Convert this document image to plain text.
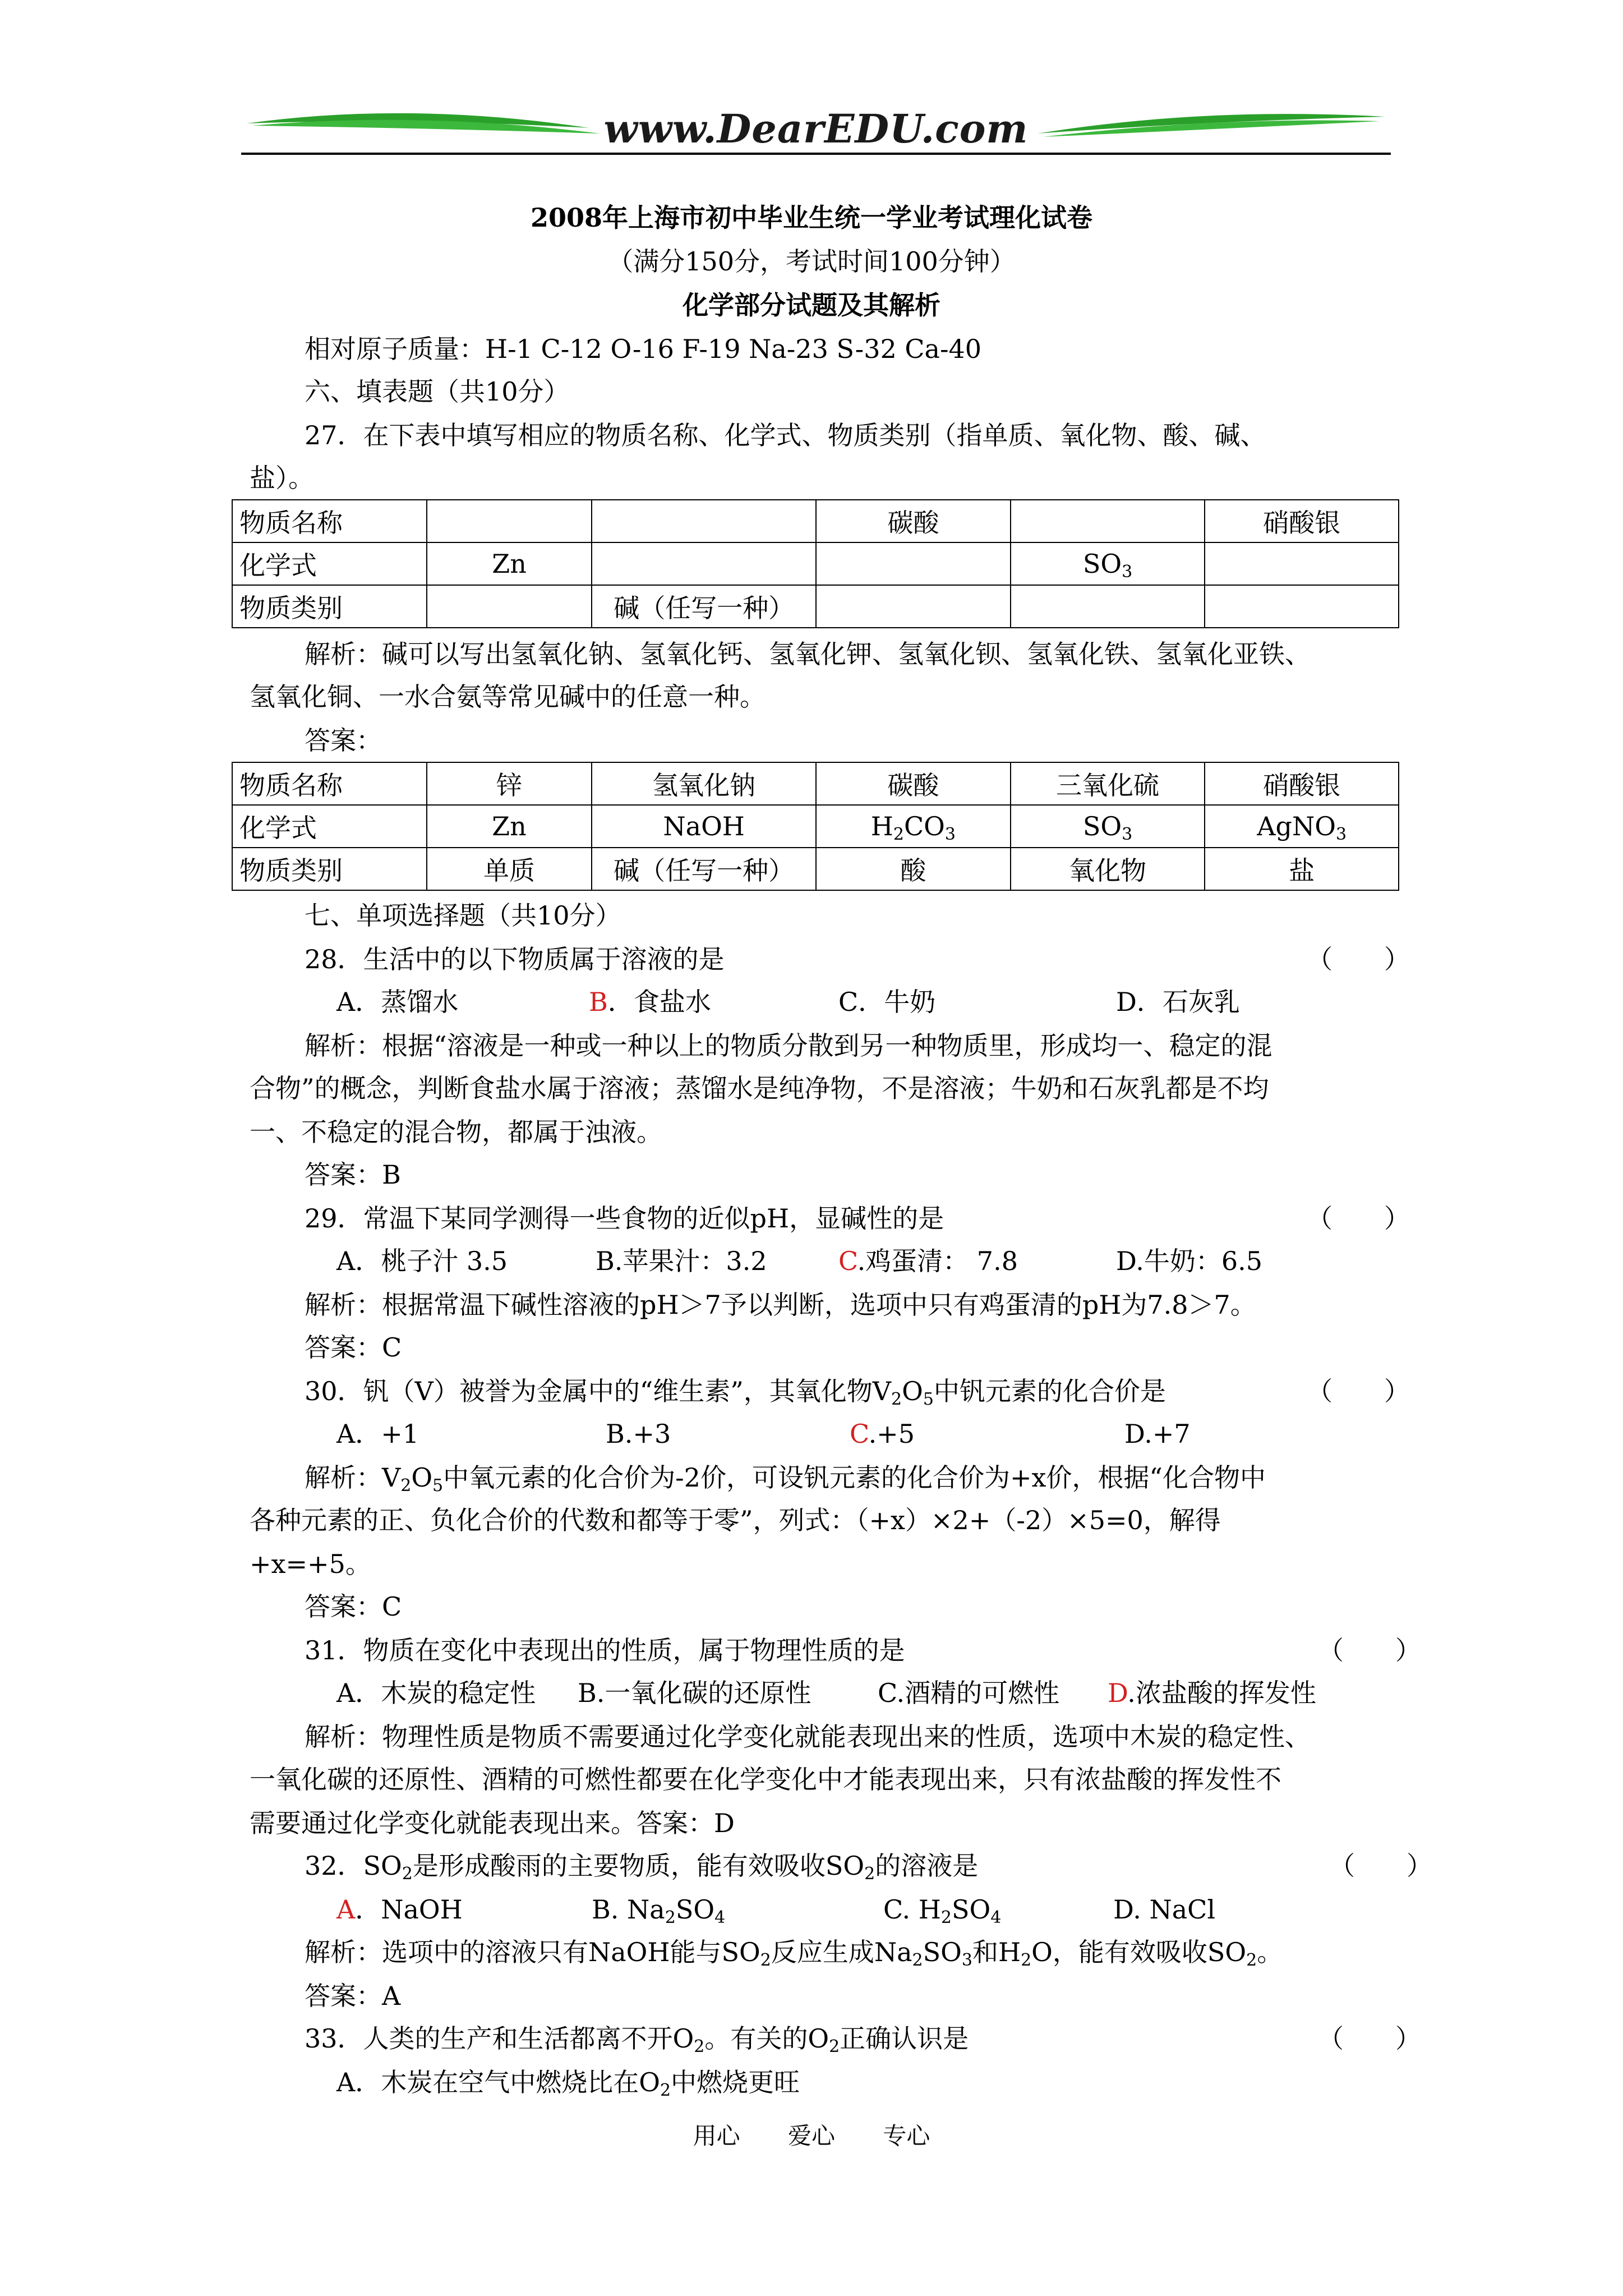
www.DearEDU.com
2008年上海市初中毕业生统一学业考试理化试卷
（满分150分，考试时间100分钟）
化学部分试题及其解析
相对原子质量：H-1 C-12 O-16 F-19 Na-23 S-32 Ca-40
六、填表题（共10分）
27．在下表中填写相应的物质名称、化学式、物质类别（指单质、氧化物、酸、碱、
盐）。
物质名称			碳酸		硝酸银
化学式	Zn			$SO_3$	
物质类别		碱（任写一种）			
解析：碱可以写出氢氧化钠、氢氧化钙、氢氧化钾、氢氧化钡、氢氧化铁、氢氧化亚铁、
氢氧化铜、一水合氨等常见碱中的任意一种。
答案：
物质名称	锌	氢氧化钠	碳酸	三氧化硫	硝酸银
化学式	Zn	NaOH	$H_2CO_3$	$SO_3$	AgNO$_3$
物质类别	单质	碱（任写一种）	酸	氧化物	盐
七、单项选择题（共10分）
28．生活中的以下物质属于溶液的是	（　　）
A．蒸馏水	B．食盐水	C．牛奶	D．石灰乳
解析：根据“溶液是一种或一种以上的物质分散到另一种物质里，形成均一、稳定的混
合物”的概念，判断食盐水属于溶液；蒸馏水是纯净物，不是溶液；牛奶和石灰乳都是不均
一、不稳定的混合物，都属于浊液。
答案：B
29．常温下某同学测得一些食物的近似pH，显碱性的是	（　　）
A．桃子汁 3.5	B.苹果汁：3.2	C.鸡蛋清： 7.8	D.牛奶：6.5
解析：根据常温下碱性溶液的pH＞7予以判断，选项中只有鸡蛋清的pH为7.8＞7。
答案：C
30．钒（V）被誉为金属中的“维生素”，其氧化物$V_2O_5$中钒元素的化合价是	（　　）
A．+1	B.+3	C.+5	D.+7
解析：$V_2O_5$中氧元素的化合价为-2价，可设钒元素的化合价为+x价，根据“化合物中
各种元素的正、负化合价的代数和都等于零”，列式：（+x）×2+（-2）×5=0，解得
+x=+5。
答案：C
31．物质在变化中表现出的性质，属于物理性质的是	（　　）
A．木炭的稳定性 B.一氧化碳的还原性	C.酒精的可燃性 D.浓盐酸的挥发性
解析：物理性质是物质不需要通过化学变化就能表现出来的性质，选项中木炭的稳定性、
一氧化碳的还原性、酒精的可燃性都要在化学变化中才能表现出来，只有浓盐酸的挥发性不
需要通过化学变化就能表现出来。答案：D
32．$SO_2$是形成酸雨的主要物质，能有效吸收$SO_2$的溶液是	（　　）
A．NaOH	B. $Na_2SO_4$	C. $H_2SO_4$	D. NaCl
解析：选项中的溶液只有NaOH能与$SO_2$反应生成$Na_2SO_3$和$H_2O$，能有效吸收$SO_2$。
答案：A
33．人类的生产和生活都离不开$O_2$。有关的$O_2$正确认识是	（　　）
A．木炭在空气中燃烧比在$O_2$中燃烧更旺
用心 爱心 专心
